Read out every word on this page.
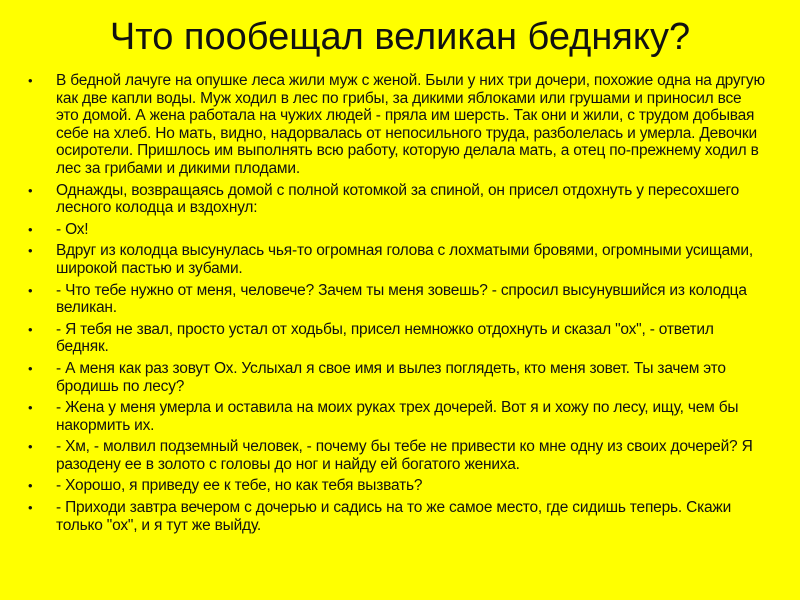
Что пообещал великан бедняку?
• В бедной лачуге на опушке леса жили муж с женой. Были у них три дочери, похожие одна на другую как две капли воды. Муж ходил в лес по грибы, за дикими яблоками или грушами и приносил все это домой. А жена работала на чужих людей - пряла им шерсть. Так они и жили, с трудом добывая себе на хлеб. Но мать, видно, надорвалась от непосильного труда, разболелась и умерла. Девочки осиротели. Пришлось им выполнять всю работу, которую делала мать, а отец по-прежнему ходил в лес за грибами и дикими плодами.
• Однажды, возвращаясь домой с полной котомкой за спиной, он присел отдохнуть у пересохшего лесного колодца и вздохнул:
• - Ох!
• Вдруг из колодца высунулась чья-то огромная голова с лохматыми бровями, огромными усищами, широкой пастью и зубами.
• - Что тебе нужно от меня, человече? Зачем ты меня зовешь? - спросил высунувшийся из колодца великан.
• - Я тебя не звал, просто устал от ходьбы, присел немножко отдохнуть и сказал "ох", - ответил бедняк.
• - А меня как раз зовут Ох. Услыхал я свое имя и вылез поглядеть, кто меня зовет. Ты зачем это бродишь по лесу?
• - Жена у меня умерла и оставила на моих руках трех дочерей. Вот я и хожу по лесу, ищу, чем бы накормить их.
• - Хм, - молвил подземный человек, - почему бы тебе не привести ко мне одну из своих дочерей? Я разодену ее в золото с головы до ног и найду ей богатого жениха.
• - Хорошо, я приведу ее к тебе, но как тебя вызвать?
• - Приходи завтра вечером с дочерью и садись на то же самое место, где сидишь теперь. Скажи только "ох", и я тут же выйду.
